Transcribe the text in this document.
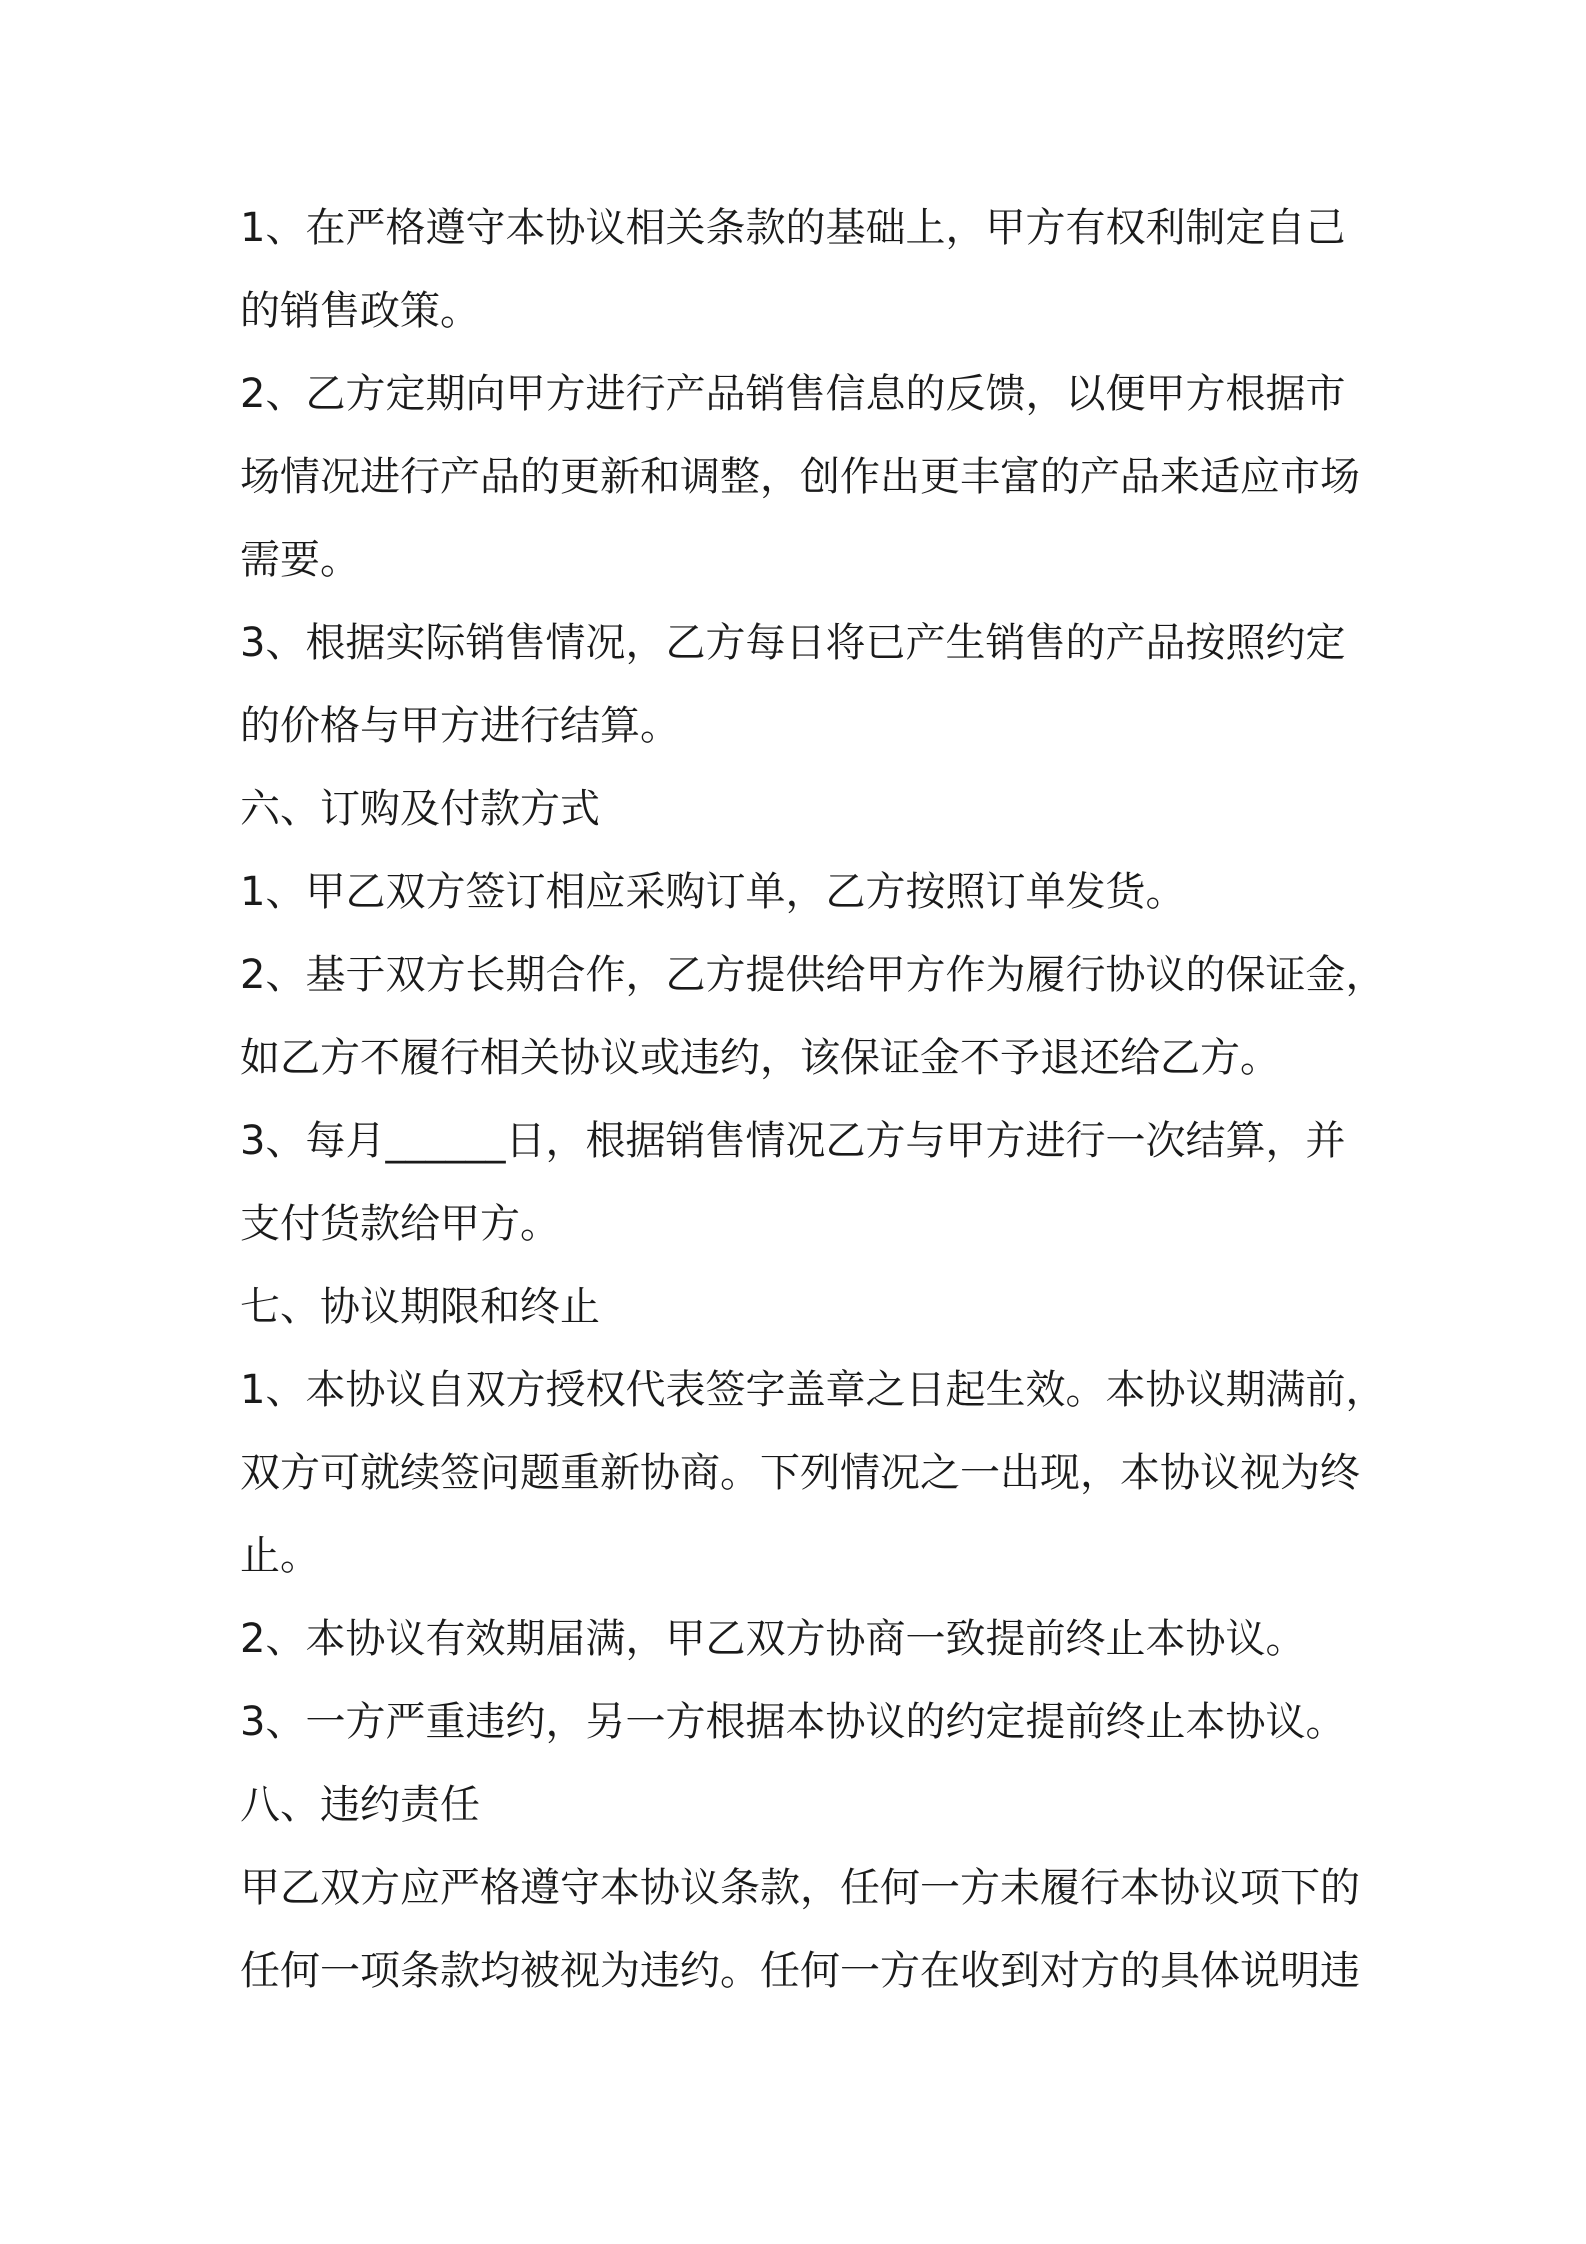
1、在严格遵守本协议相关条款的基础上，甲方有权利制定自己
的销售政策。
2、乙方定期向甲方进行产品销售信息的反馈，以便甲方根据市
场情况进行产品的更新和调整，创作出更丰富的产品来适应市场
需要。
3、根据实际销售情况，乙方每日将已产生销售的产品按照约定
的价格与甲方进行结算。
六、订购及付款方式
1、甲乙双方签订相应采购订单，乙方按照订单发货。
2、基于双方长期合作，乙方提供给甲方作为履行协议的保证金，
如乙方不履行相关协议或违约，该保证金不予退还给乙方。
3、每月______日，根据销售情况乙方与甲方进行一次结算，并
支付货款给甲方。
七、协议期限和终止
1、本协议自双方授权代表签字盖章之日起生效。本协议期满前，
双方可就续签问题重新协商。下列情况之一出现，本协议视为终
止。
2、本协议有效期届满，甲乙双方协商一致提前终止本协议。
3、一方严重违约，另一方根据本协议的约定提前终止本协议。
八、违约责任
甲乙双方应严格遵守本协议条款，任何一方未履行本协议项下的
任何一项条款均被视为违约。任何一方在收到对方的具体说明违
